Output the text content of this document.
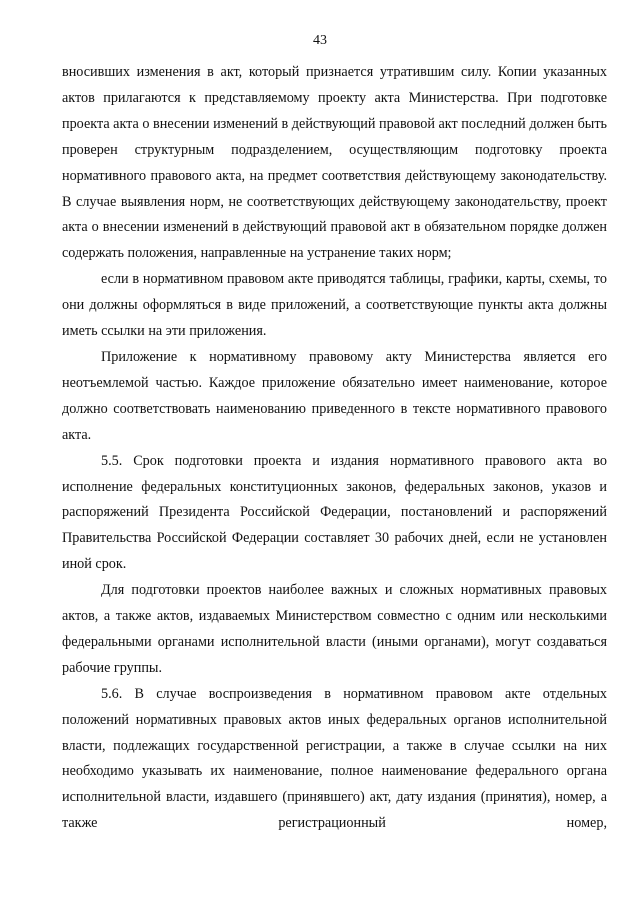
43

вносивших изменения в акт, который признается утратившим силу. Копии указанных актов прилагаются к представляемому проекту акта Министерства. При подготовке проекта акта о внесении изменений в действующий правовой акт последний должен быть проверен структурным подразделением, осуществляющим подготовку проекта нормативного правового акта, на предмет соответствия действующему законодательству. В случае выявления норм, не соответствующих действующему законодательству, проект акта о внесении изменений в действующий правовой акт в обязательном порядке должен содержать положения, направленные на устранение таких норм;

если в нормативном правовом акте приводятся таблицы, графики, карты, схемы, то они должны оформляться в виде приложений, а соответствующие пункты акта должны иметь ссылки на эти приложения.

Приложение к нормативному правовому акту Министерства является его неотъемлемой частью. Каждое приложение обязательно имеет наименование, которое должно соответствовать наименованию приведенного в тексте нормативного правового акта.

5.5. Срок подготовки проекта и издания нормативного правового акта во исполнение федеральных конституционных законов, федеральных законов, указов и распоряжений Президента Российской Федерации, постановлений и распоряжений Правительства Российской Федерации составляет 30 рабочих дней, если не установлен иной срок.

Для подготовки проектов наиболее важных и сложных нормативных правовых актов, а также актов, издаваемых Министерством совместно с одним или несколькими федеральными органами исполнительной власти (иными органами), могут создаваться рабочие группы.

5.6. В случае воспроизведения в нормативном правовом акте отдельных положений нормативных правовых актов иных федеральных органов исполнительной власти, подлежащих государственной регистрации, а также в случае ссылки на них необходимо указывать их наименование, полное наименование федерального органа исполнительной власти, издавшего (принявшего) акт, дату издания (принятия), номер, а также регистрационный номер,
